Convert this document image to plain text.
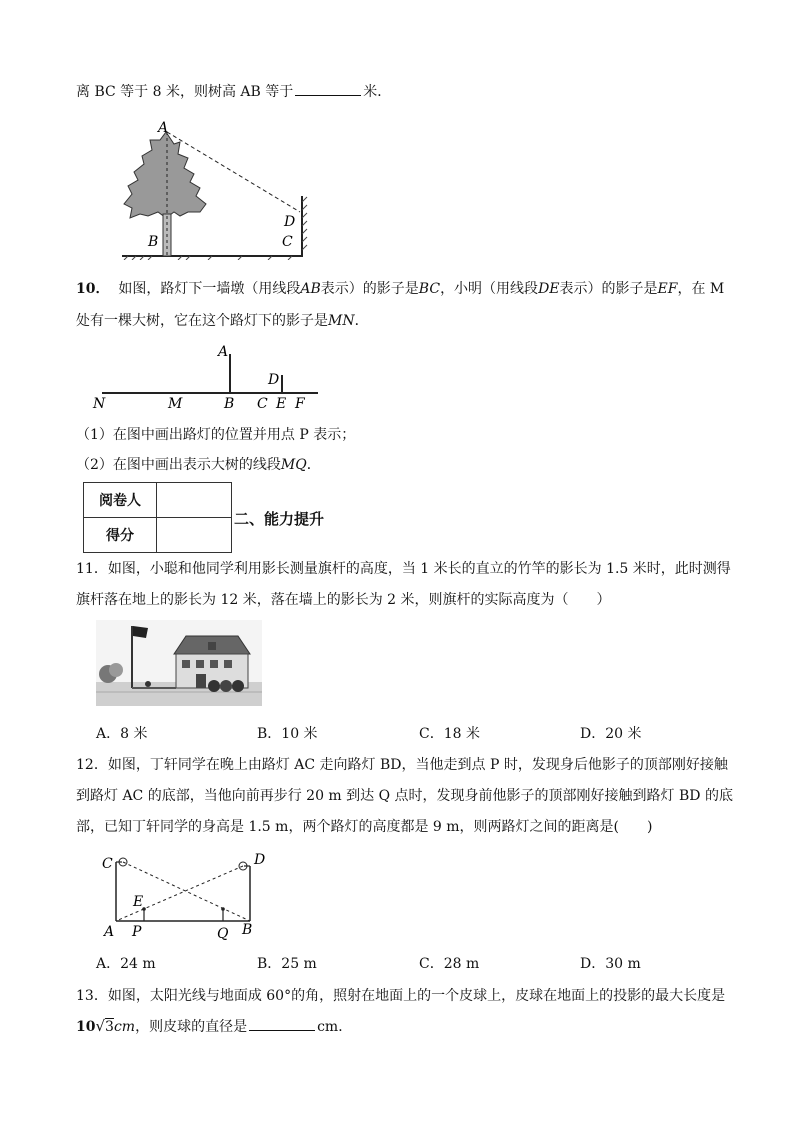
离 BC 等于 8 米，则树高 AB 等于	米．
A
B	C
D
10． 如图，路灯下一墙墩（用线段AB表示）的影子是BC，小明（用线段DE表示）的影子是EF，在 M
处有一棵大树，它在这个路灯下的影子是MN．
A
D
N	M	B C E F
（1）在图中画出路灯的位置并用点 P 表示；
（2）在图中画出表示大树的线段MQ．
阅卷人	
得分	
二、能力提升
11．如图，小聪和他同学利用影长测量旗杆的高度，当 1 米长的直立的竹竿的影长为 1.5 米时，此时测得
旗杆落在地上的影长为 12 米，落在墙上的影长为 2 米，则旗杆的实际高度为（　　）
A．8 米	B．10 米	C．18 米	D．20 米
12．如图，丁轩同学在晚上由路灯 AC 走向路灯 BD，当他走到点 P 时，发现身后他影子的顶部刚好接触
到路灯 AC 的底部，当他向前再步行 20 m 到达 Q 点时，发现身前他影子的顶部刚好接触到路灯 BD 的底
部，已知丁轩同学的身高是 1.5 m，两个路灯的高度都是 9 m，则两路灯之间的距离是(　　)
C	D
E
A P	Q B
A．24 m	B．25 m	C．28 m	D．30 m
13．如图，太阳光线与地面成 60°的角，照射在地面上的一个皮球上，皮球在地面上的投影的最大长度是
10√3cm，则皮球的直径是	cm．
